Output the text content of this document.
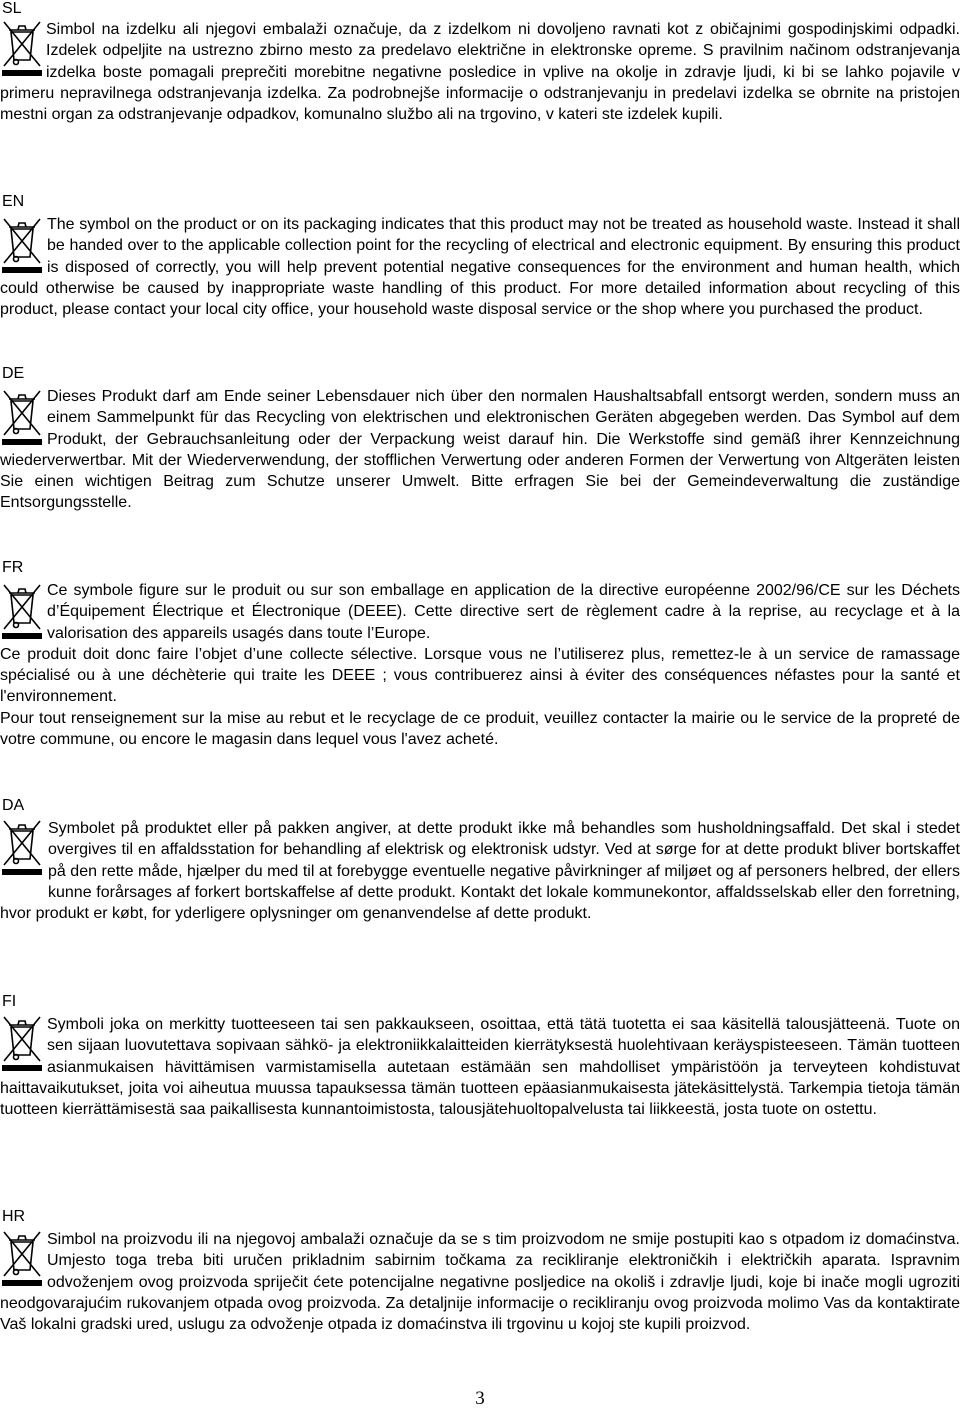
SL

Simbol na izdelku ali njegovi embalaži označuje, da z izdelkom ni dovoljeno ravnati kot z običajnimi gospodinjskimi odpadki. Izdelek odpeljite na ustrezno zbirno mesto za predelavo električne in elektronske opreme. S pravilnim načinom odstranjevanja izdelka boste pomagali preprečiti morebitne negativne posledice in vplive na okolje in zdravje ljudi, ki bi se lahko pojavile v primeru nepravilnega odstranjevanja izdelka. Za podrobnejše informacije o odstranjevanju in predelavi izdelka se obrnite na pristojen mestni organ za odstranjevanje odpadkov, komunalno službo ali na trgovino, v kateri ste izdelek kupili.

EN

The symbol on the product or on its packaging indicates that this product may not be treated as household waste. Instead it shall be handed over to the applicable collection point for the recycling of electrical and electronic equipment. By ensuring this product is disposed of correctly, you will help prevent potential negative consequences for the environment and human health, which could otherwise be caused by inappropriate waste handling of this product. For more detailed information about recycling of this product, please contact your local city office, your household waste disposal service or the shop where you purchased the product.

DE

Dieses Produkt darf am Ende seiner Lebensdauer nich über den normalen Haushaltsabfall entsorgt werden, sondern muss an einem Sammelpunkt für das Recycling von elektrischen und elektronischen Geräten abgegeben werden. Das Symbol auf dem Produkt, der Gebrauchsanleitung oder der Verpackung weist darauf hin. Die Werkstoffe sind gemäß ihrer Kennzeichnung wiederverwertbar. Mit der Wiederverwendung, der stofflichen Verwertung oder anderen Formen der Verwertung von Altgeräten leisten Sie einen wichtigen Beitrag zum Schutze unserer Umwelt. Bitte erfragen Sie bei der Gemeindeverwaltung die zuständige Entsorgungsstelle.

FR

Ce symbole figure sur le produit ou sur son emballage en application de la directive européenne 2002/96/CE sur les Déchets d’Équipement Électrique et Électronique (DEEE). Cette directive sert de règlement cadre à la reprise, au recyclage et à la valorisation des appareils usagés dans toute l’Europe.

Ce produit doit donc faire l’objet d’une collecte sélective. Lorsque vous ne l’utiliserez plus, remettez-le à un service de ramassage spécialisé ou à une déchèterie qui traite les DEEE ; vous contribuerez ainsi à éviter des conséquences néfastes pour la santé et l'environnement.

Pour tout renseignement sur la mise au rebut et le recyclage de ce produit, veuillez contacter la mairie ou le service de la propreté de votre commune, ou encore le magasin dans lequel vous l'avez acheté.

DA

Symbolet på produktet eller på pakken angiver, at dette produkt ikke må behandles som husholdningsaffald. Det skal i stedet overgives til en affaldsstation for behandling af elektrisk og elektronisk udstyr. Ved at sørge for at dette produkt bliver bortskaffet på den rette måde, hjælper du med til at forebygge eventuelle negative påvirkninger af miljøet og af personers helbred, der ellers kunne forårsages af forkert bortskaffelse af dette produkt. Kontakt det lokale kommunekontor, affaldsselskab eller den forretning, hvor produkt er købt, for yderligere oplysninger om genanvendelse af dette produkt.

FI

Symboli joka on merkitty tuotteeseen tai sen pakkaukseen, osoittaa, että tätä tuotetta ei saa käsitellä talousjätteenä. Tuote on sen sijaan luovutettava sopivaan sähkö- ja elektroniikkalaitteiden kierrätyksestä huolehtivaan keräyspisteeseen. Tämän tuotteen asianmukaisen hävittämisen varmistamisella autetaan estämään sen mahdolliset ympäristöön ja terveyteen kohdistuvat haittavaikutukset, joita voi aiheutua muussa tapauksessa tämän tuotteen epäasianmukaisesta jätekäsittelystä. Tarkempia tietoja tämän tuotteen kierrättämisestä saa paikallisesta kunnantoimistosta, talousjätehuoltopalvelusta tai liikkeestä, josta tuote on ostettu.

HR

Simbol na proizvodu ili na njegovoj ambalaži označuje da se s tim proizvodom ne smije postupiti kao s otpadom iz domaćinstva. Umjesto toga treba biti uručen prikladnim sabirnim točkama za recikliranje elektroničkih i električkih aparata. Ispravnim odvoženjem ovog proizvoda spriječit ćete potencijalne negativne posljedice na okoliš i zdravlje ljudi, koje bi inače mogli ugroziti neodgovarajućim rukovanjem otpada ovog proizvoda. Za detaljnije informacije o recikliranju ovog proizvoda molimo Vas da kontaktirate Vaš lokalni gradski ured, uslugu za odvoženje otpada iz domaćinstva ili trgovinu u kojoj ste kupili proizvod.

3
